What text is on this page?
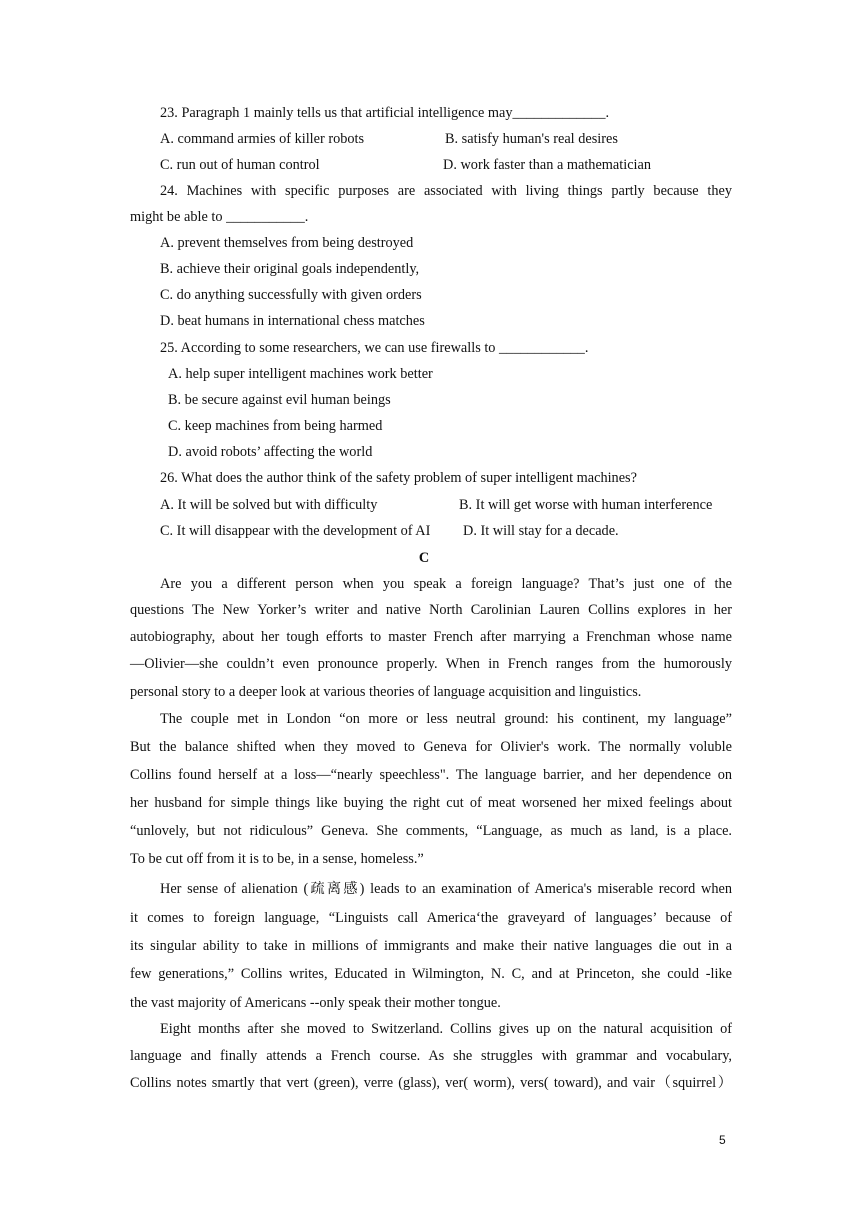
23. Paragraph 1 mainly tells us that artificial intelligence may_____________.
A. command armies of killer robots	B. satisfy human's real desires
C. run out of human control	D. work faster than a mathematician
24. Machines with specific purposes are associated with living things partly because they
might be able to ___________.
A. prevent themselves from being destroyed
B. achieve their original goals independently,
C. do anything successfully with given orders
D. beat humans in international chess matches
25. According to some researchers, we can use firewalls to ____________.
A. help super intelligent machines work better
B. be secure against evil human beings
C. keep machines from being harmed
D. avoid robots’ affecting the world
26. What does the author think of the safety problem of super intelligent machines?
A. It will be solved but with difficulty	B. It will get worse with human interference
C. It will disappear with the development of AI D. It will stay for a decade.
C
Are you a different person when you speak a foreign language? That’s just one of the
questions The New Yorker’s writer and native North Carolinian Lauren Collins explores in her
autobiography, about her tough efforts to master French after marrying a Frenchman whose name
—Olivier—she couldn’t even pronounce properly. When in French ranges from the humorously
personal story to a deeper look at various theories of language acquisition and linguistics.
The couple met in London “on more or less neutral ground: his continent, my language”
But the balance shifted when they moved to Geneva for Olivier's work. The normally voluble
Collins found herself at a loss—“nearly speechless". The language barrier, and her dependence on
her husband for simple things like buying the right cut of meat worsened her mixed feelings about
“unlovely, but not ridiculous” Geneva. She comments, “Language, as much as land, is a place.
To be cut off from it is to be, in a sense, homeless.”
Her sense of alienation (疏离感) leads to an examination of America's miserable record when
it comes to foreign language, “Linguists call America‘the graveyard of languages’ because of
its singular ability to take in millions of immigrants and make their native languages die out in a
few generations,” Collins writes, Educated in Wilmington, N. C, and at Princeton, she could -like
the vast majority of Americans --only speak their mother tongue.
Eight months after she moved to Switzerland. Collins gives up on the natural acquisition of
language and finally attends a French course. As she struggles with grammar and vocabulary,
Collins notes smartly that vert (green), verre (glass), ver( worm), vers( toward), and vair（squirrel）
5
